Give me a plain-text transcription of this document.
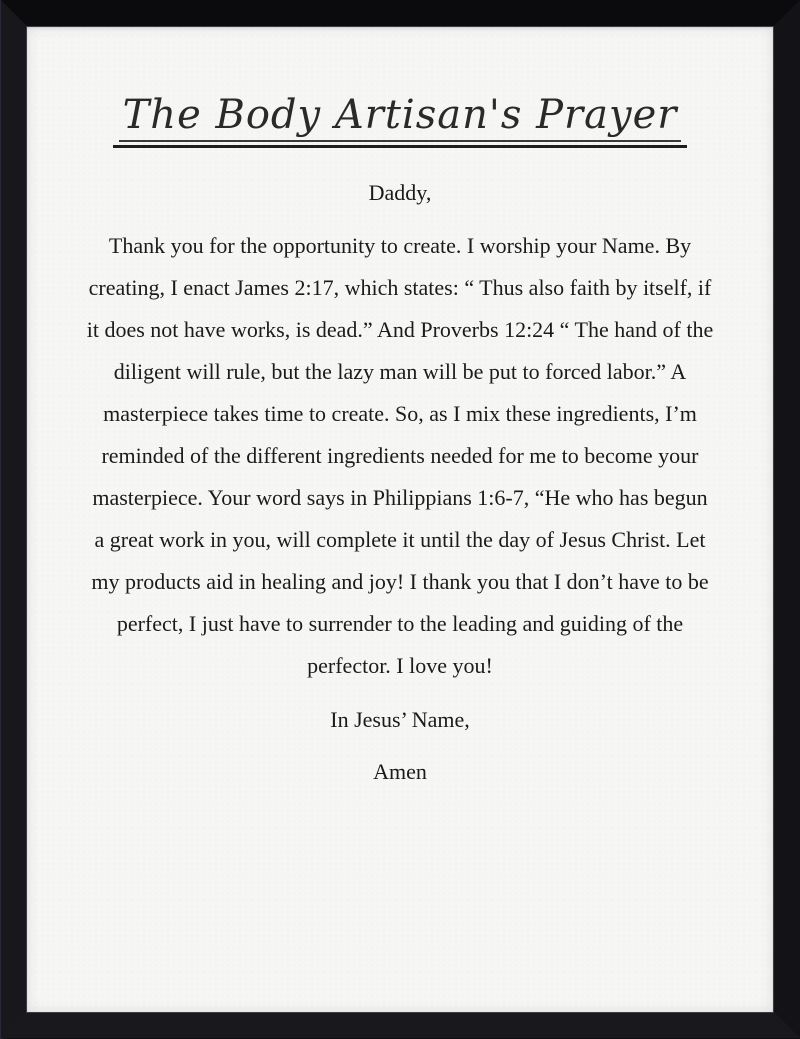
The Body Artisan's Prayer

Daddy,

Thank you for the opportunity to create. I worship your Name. By creating, I enact James 2:17, which states: “ Thus also faith by itself, if it does not have works, is dead.” And Proverbs 12:24 “ The hand of the diligent will rule, but the lazy man will be put to forced labor.” A masterpiece takes time to create. So, as I mix these ingredients, I’m reminded of the different ingredients needed for me to become your masterpiece. Your word says in Philippians 1:6-7, “He who has begun a great work in you, will complete it until the day of Jesus Christ. Let my products aid in healing and joy! I thank you that I don’t have to be perfect, I just have to surrender to the leading and guiding of the perfector. I love you!

In Jesus’ Name,

Amen
